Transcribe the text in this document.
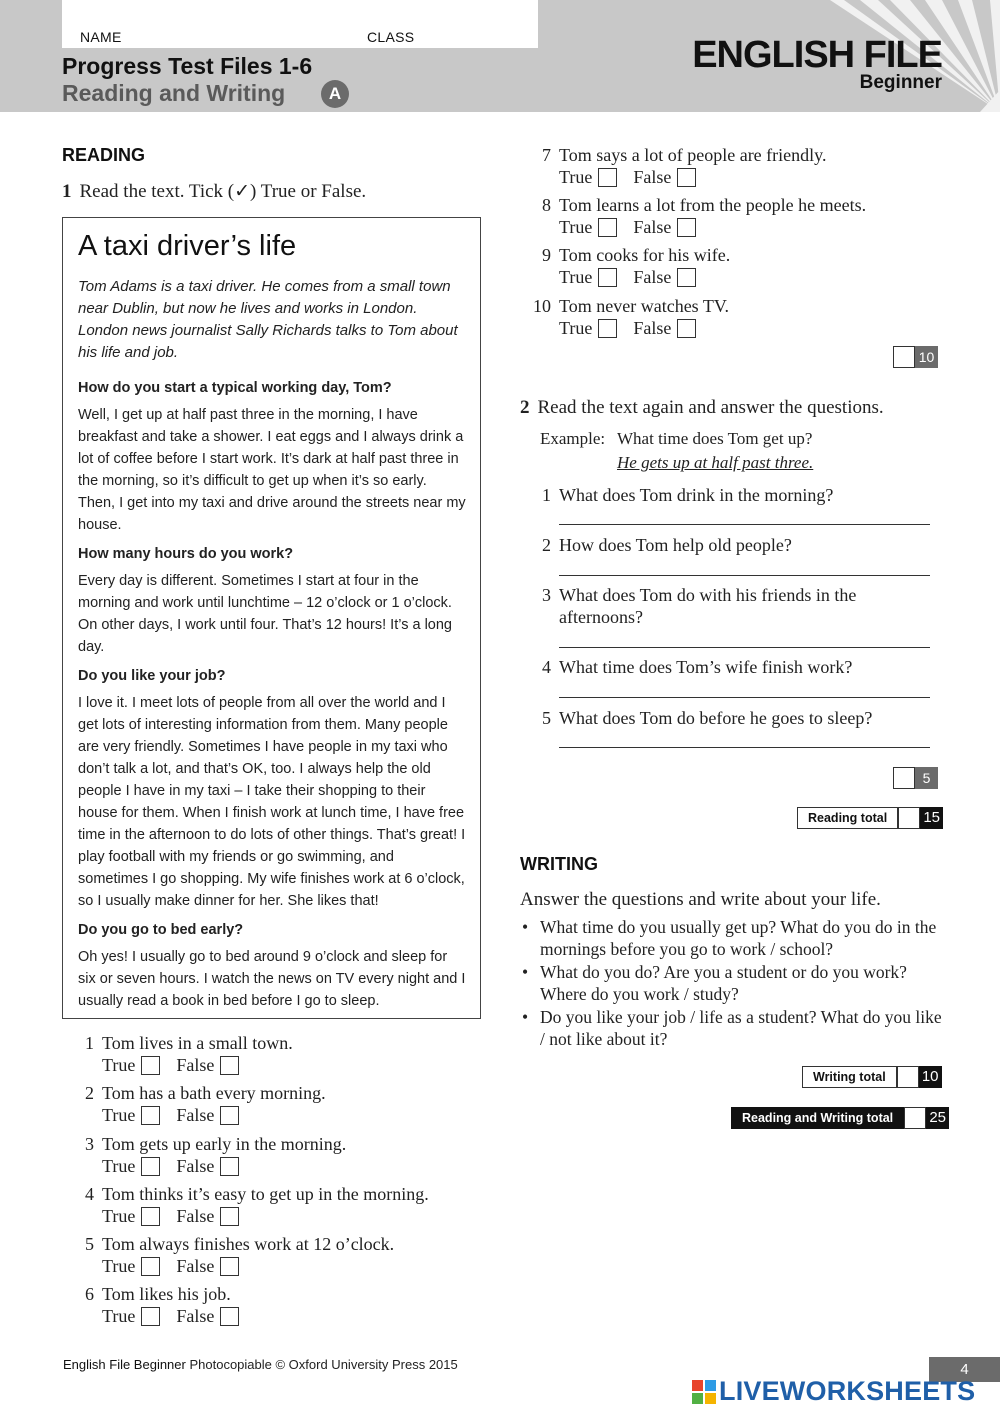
NAME	CLASS
Progress Test Files 1-6
Reading and Writing	A
ENGLISH FILE
Beginner
READING
1 Read the text. Tick (✓) True or False.
A taxi driver’s life
Tom Adams is a taxi driver. He comes from a small town near Dublin, but now he lives and works in London. London news journalist Sally Richards talks to Tom about his life and job.
How do you start a typical working day, Tom?
Well, I get up at half past three in the morning, I have breakfast and take a shower. I eat eggs and I always drink a lot of coffee before I start work. It’s dark at half past three in the morning, so it’s difficult to get up when it’s so early. Then, I get into my taxi and drive around the streets near my house.
How many hours do you work?
Every day is different. Sometimes I start at four in the morning and work until lunchtime – 12 o’clock or 1 o’clock. On other days, I work until four. That’s 12 hours! It’s a long day.
Do you like your job?
I love it. I meet lots of people from all over the world and I get lots of interesting information from them. Many people are very friendly. Sometimes I have people in my taxi who don’t talk a lot, and that’s OK, too. I always help the old people I have in my taxi – I take their shopping to their house for them. When I finish work at lunch time, I have free time in the afternoon to do lots of other things. That’s great! I play football with my friends or go swimming, and sometimes I go shopping. My wife finishes work at 6 o’clock, so I usually make dinner for her. She likes that!
Do you go to bed early?
Oh yes! I usually go to bed around 9 o’clock and sleep for six or seven hours. I watch the news on TV every night and I usually read a book in bed before I go to sleep.
1 Tom lives in a small town.
True False
2 Tom has a bath every morning.
True False
3 Tom gets up early in the morning.
True False
4 Tom thinks it’s easy to get up in the morning.
True False
5 Tom always finishes work at 12 o’clock.
True False
6 Tom likes his job.
True False
7 Tom says a lot of people are friendly.
True False
8 Tom learns a lot from the people he meets.
True False
9 Tom cooks for his wife.
True False
10 Tom never watches TV.
True False
10
2 Read the text again and answer the questions.
Example: What time does Tom get up?
He gets up at half past three.
1 What does Tom drink in the morning?
2 How does Tom help old people?
3 What does Tom do with his friends in the afternoons?
4 What time does Tom’s wife finish work?
5 What does Tom do before he goes to sleep?
5
Reading total	15
WRITING
Answer the questions and write about your life.
• What time do you usually get up? What do you do in the mornings before you go to work / school?
• What do you do? Are you a student or do you work? Where do you work / study?
• Do you like your job / life as a student? What do you like / not like about it?
Writing total	10
Reading and Writing total	25
English File Beginner Photocopiable © Oxford University Press 2015	4
LIVEWORKSHEETS
